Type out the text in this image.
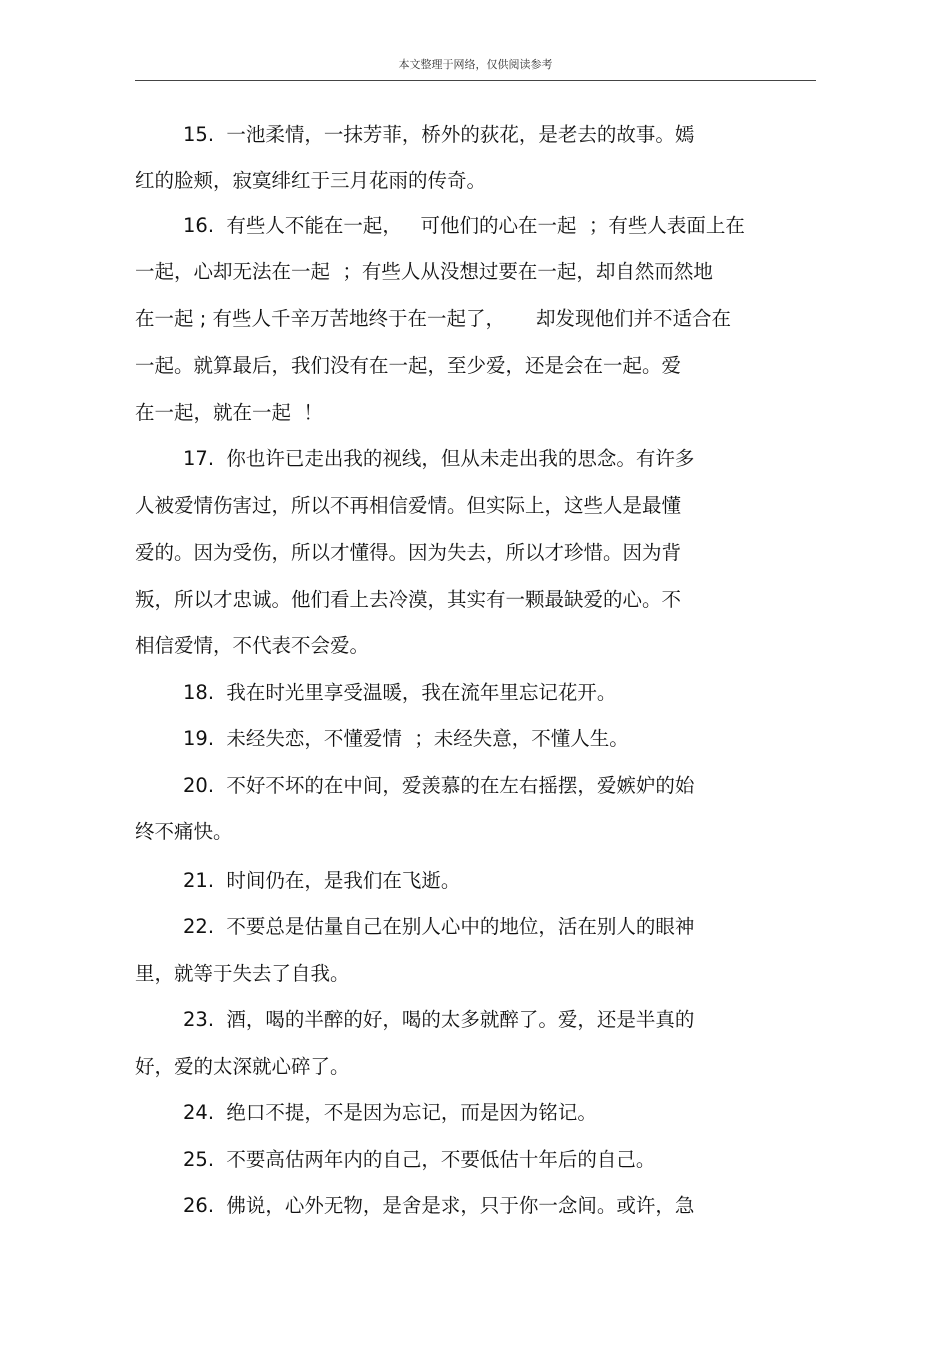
本文整理于网络，仅供阅读参考
15.  一池柔情，一抹芳菲，桥外的荻花，是老去的故事。嫣
红的脸颊，寂寞绯红于三月花雨的传奇。
16.  有些人不能在一起，   可他们的心在一起  ；有些人表面上在
一起，心却无法在一起  ；有些人从没想过要在一起，却自然而然地
在一起 ; 有些人千辛万苦地终于在一起了，     却发现他们并不适合在
一起。就算最后，我们没有在一起，至少爱，还是会在一起。爱
在一起，就在一起  ！
17.  你也许已走出我的视线，但从未走出我的思念。有许多
人被爱情伤害过，所以不再相信爱情。但实际上，这些人是最懂
爱的。因为受伤，所以才懂得。因为失去，所以才珍惜。因为背
叛，所以才忠诚。他们看上去冷漠，其实有一颗最缺爱的心。不
相信爱情，不代表不会爱。
18.  我在时光里享受温暖，我在流年里忘记花开。
19.  未经失恋，不懂爱情  ；未经失意，不懂人生。
20.  不好不坏的在中间，爱羡慕的在左右摇摆，爱嫉妒的始
终不痛快。
21.  时间仍在，是我们在飞逝。
22.  不要总是估量自己在别人心中的地位，活在别人的眼神
里，就等于失去了自我。
23.  酒，喝的半醉的好，喝的太多就醉了。爱，还是半真的
好，爱的太深就心碎了。
24.  绝口不提，不是因为忘记，而是因为铭记。
25.  不要高估两年内的自己，不要低估十年后的自己。
26.  佛说，心外无物，是舍是求，只于你一念间。或许，急
